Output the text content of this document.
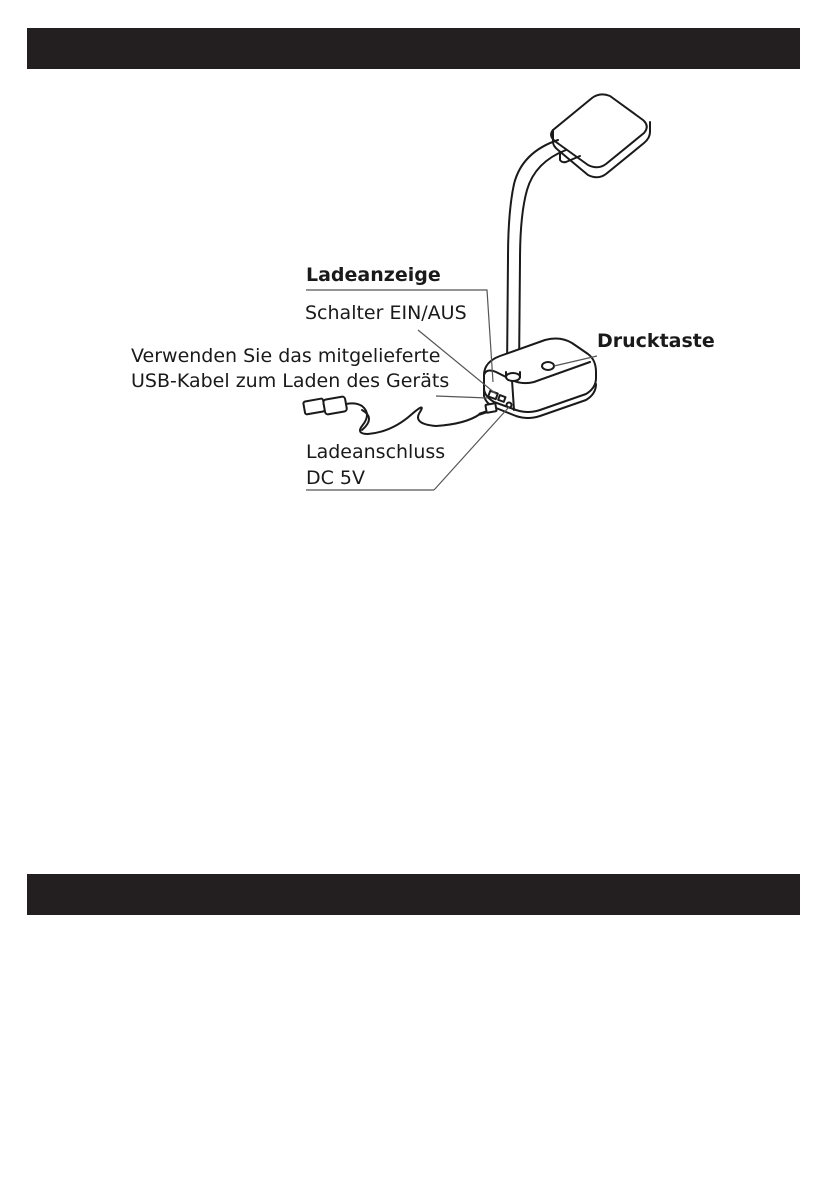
Ladeanzeige
Schalter EIN/AUS
Drucktaste
Verwenden Sie das mitgelieferte
USB-Kabel zum Laden des Geräts
Ladeanschluss
DC 5V
